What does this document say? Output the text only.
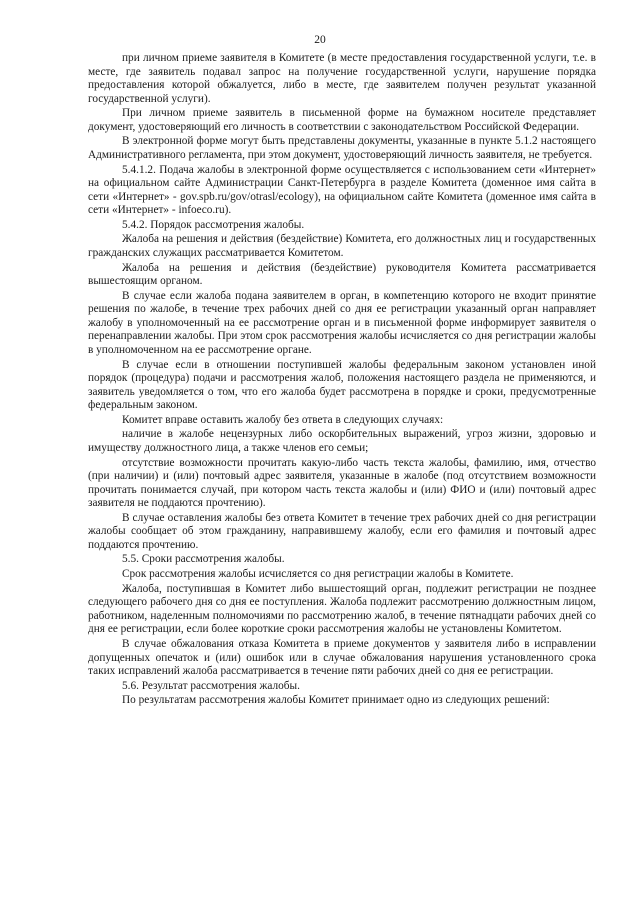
20

при личном приеме заявителя в Комитете (в месте предоставления государственной услуги, т.е. в месте, где заявитель подавал запрос на получение государственной услуги, нарушение порядка предоставления которой обжалуется, либо в месте, где заявителем получен результат указанной государственной услуги).

При личном приеме заявитель в письменной форме на бумажном носителе представляет документ, удостоверяющий его личность в соответствии с законодательством Российской Федерации.

В электронной форме могут быть представлены документы, указанные в пункте 5.1.2 настоящего Административного регламента, при этом документ, удостоверяющий личность заявителя, не требуется.

5.4.1.2. Подача жалобы в электронной форме осуществляется с использованием сети «Интернет» на официальном сайте Администрации Санкт-Петербурга в разделе Комитета (доменное имя сайта в сети «Интернет» - gov.spb.ru/gov/otrasl/ecology), на официальном сайте Комитета (доменное имя сайта в сети «Интернет» - infoeco.ru).

5.4.2. Порядок рассмотрения жалобы.

Жалоба на решения и действия (бездействие) Комитета, его должностных лиц и государственных гражданских служащих рассматривается Комитетом.

Жалоба на решения и действия (бездействие) руководителя Комитета рассматривается вышестоящим органом.

В случае если жалоба подана заявителем в орган, в компетенцию которого не входит принятие решения по жалобе, в течение трех рабочих дней со дня ее регистрации указанный орган направляет жалобу в уполномоченный на ее рассмотрение орган и в письменной форме информирует заявителя о перенаправлении жалобы. При этом срок рассмотрения жалобы исчисляется со дня регистрации жалобы в уполномоченном на ее рассмотрение органе.

В случае если в отношении поступившей жалобы федеральным законом установлен иной порядок (процедура) подачи и рассмотрения жалоб, положения настоящего раздела не применяются, и заявитель уведомляется о том, что его жалоба будет рассмотрена в порядке и сроки, предусмотренные федеральным законом.

Комитет вправе оставить жалобу без ответа в следующих случаях:

наличие в жалобе нецензурных либо оскорбительных выражений, угроз жизни, здоровью и имуществу должностного лица, а также членов его семьи;

отсутствие возможности прочитать какую-либо часть текста жалобы, фамилию, имя, отчество (при наличии) и (или) почтовый адрес заявителя, указанные в жалобе (под отсутствием возможности прочитать понимается случай, при котором часть текста жалобы и (или) ФИО и (или) почтовый адрес заявителя не поддаются прочтению).

В случае оставления жалобы без ответа Комитет в течение трех рабочих дней со дня регистрации жалобы сообщает об этом гражданину, направившему жалобу, если его фамилия и почтовый адрес поддаются прочтению.

5.5. Сроки рассмотрения жалобы.

Срок рассмотрения жалобы исчисляется со дня регистрации жалобы в Комитете.

Жалоба, поступившая в Комитет либо вышестоящий орган, подлежит регистрации не позднее следующего рабочего дня со дня ее поступления. Жалоба подлежит рассмотрению должностным лицом, работником, наделенным полномочиями по рассмотрению жалоб, в течение пятнадцати рабочих дней со дня ее регистрации, если более короткие сроки рассмотрения жалобы не установлены Комитетом.

В случае обжалования отказа Комитета в приеме документов у заявителя либо в исправлении допущенных опечаток и (или) ошибок или в случае обжалования нарушения установленного срока таких исправлений жалоба рассматривается в течение пяти рабочих дней со дня ее регистрации.

5.6. Результат рассмотрения жалобы.

По результатам рассмотрения жалобы Комитет принимает одно из следующих решений:
